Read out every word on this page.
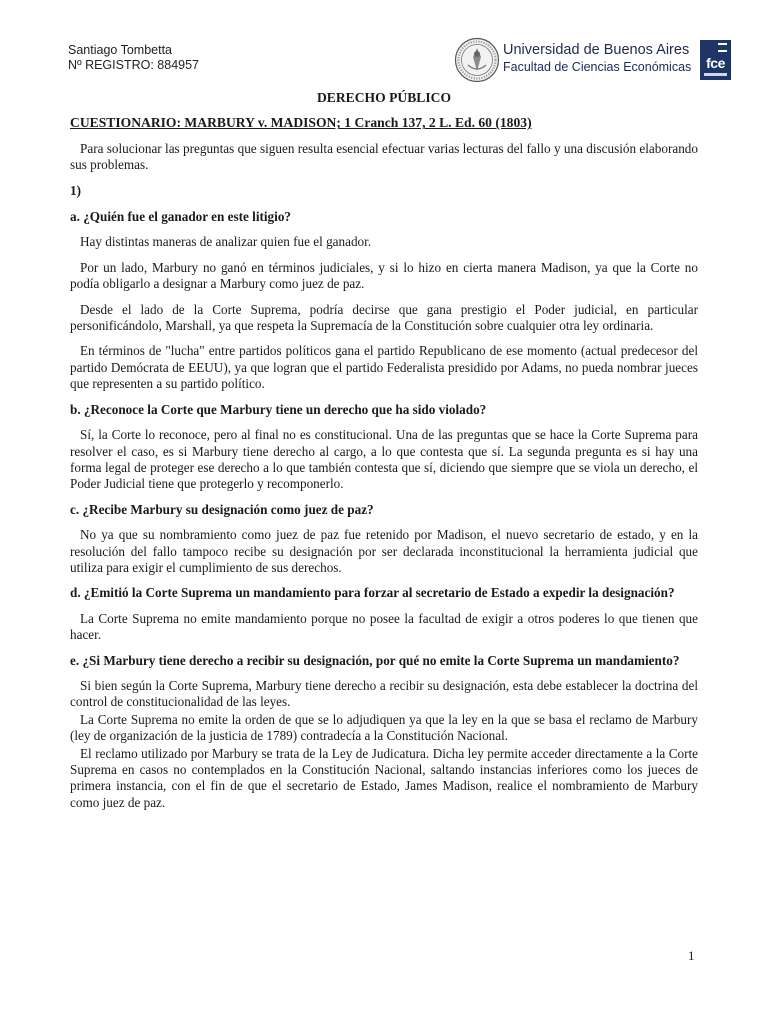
Santiago Tombetta
Nº REGISTRO: 884957
Universidad de Buenos Aires
Facultad de Ciencias Económicas	fce
DERECHO PÚBLICO
CUESTIONARIO: MARBURY v. MADISON; 1 Cranch 137, 2 L. Ed. 60 (1803)

Para solucionar las preguntas que siguen resulta esencial efectuar varias lecturas del fallo y una discusión elaborando sus problemas.

1)
a. ¿Quién fue el ganador en este litigio?

Hay distintas maneras de analizar quien fue el ganador.

Por un lado, Marbury no ganó en términos judiciales, y si lo hizo en cierta manera Madison, ya que la Corte no podía obligarlo a designar a Marbury como juez de paz.

Desde el lado de la Corte Suprema, podría decirse que gana prestigio el Poder judicial, en particular personificándolo, Marshall, ya que respeta la Supremacía de la Constitución sobre cualquier otra ley ordinaria.

En términos de "lucha" entre partidos políticos gana el partido Republicano de ese momento (actual predecesor del partido Demócrata de EEUU), ya que logran que el partido Federalista presidido por Adams, no pueda nombrar jueces que representen a su partido político.

b. ¿Reconoce la Corte que Marbury tiene un derecho que ha sido violado?

Sí, la Corte lo reconoce, pero al final no es constitucional. Una de las preguntas que se hace la Corte Suprema para resolver el caso, es si Marbury tiene derecho al cargo, a lo que contesta que sí. La segunda pregunta es si hay una forma legal de proteger ese derecho a lo que también contesta que sí, diciendo que siempre que se viola un derecho, el Poder Judicial tiene que protegerlo y recomponerlo.

c. ¿Recibe Marbury su designación como juez de paz?

No ya que su nombramiento como juez de paz fue retenido por Madison, el nuevo secretario de estado, y en la resolución del fallo tampoco recibe su designación por ser declarada inconstitucional la herramienta judicial que utiliza para exigir el cumplimiento de sus derechos.

d. ¿Emitió la Corte Suprema un mandamiento para forzar al secretario de Estado a expedir la designación?

La Corte Suprema no emite mandamiento porque no posee la facultad de exigir a otros poderes lo que tienen que hacer.

e. ¿Si Marbury tiene derecho a recibir su designación, por qué no emite la Corte Suprema un mandamiento?

Si bien según la Corte Suprema, Marbury tiene derecho a recibir su designación, esta debe establecer la doctrina del control de constitucionalidad de las leyes.

La Corte Suprema no emite la orden de que se lo adjudiquen ya que la ley en la que se basa el reclamo de Marbury (ley de organización de la justicia de 1789) contradecía a la Constitución Nacional.

El reclamo utilizado por Marbury se trata de la Ley de Judicatura. Dicha ley permite acceder directamente a la Corte Suprema en casos no contemplados en la Constitución Nacional, saltando instancias inferiores como los jueces de primera instancia, con el fin de que el secretario de Estado, James Madison, realice el nombramiento de Marbury como juez de paz.

1
